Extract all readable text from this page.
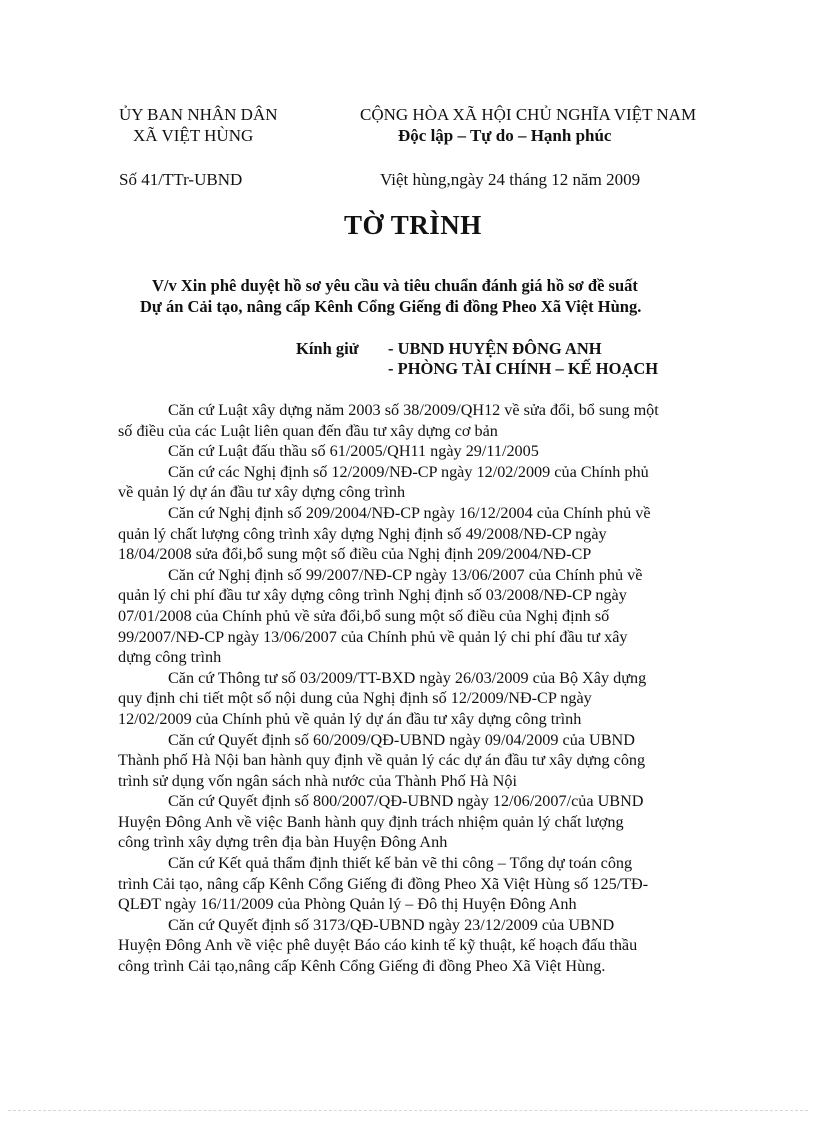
ỦY BAN NHÂN DÂN
XÃ VIỆT HÙNG
CỘNG HÒA XÃ HỘI CHỦ NGHĨA VIỆT NAM
Độc lập – Tự do – Hạnh phúc
Số 41/TTr-UBND	Việt hùng,ngày 24 tháng 12 năm 2009
TỜ TRÌNH
V/v Xin phê duyệt hồ sơ yêu cầu và tiêu chuẩn đánh giá hồ sơ đề suất
Dự án Cải tạo, nâng cấp Kênh Cổng Giếng đi đồng Pheo Xã Việt Hùng.
Kính giử - UBND HUYỆN ĐÔNG ANH
- PHÒNG TÀI CHÍNH – KẾ HOẠCH
Căn cứ Luật xây dựng năm 2003 số 38/2009/QH12 về sửa đổi, bổ sung một
số điều của các Luật liên quan đến đầu tư xây dựng cơ bản
Căn cứ Luật đấu thầu số 61/2005/QH11 ngày 29/11/2005
Căn cứ các Nghị định số 12/2009/NĐ-CP ngày 12/02/2009 của Chính phủ
về quản lý dự án đầu tư xây dựng công trình
Căn cứ Nghị định số 209/2004/NĐ-CP ngày 16/12/2004 của Chính phủ về
quản lý chất lượng công trình xây dựng Nghị định số 49/2008/NĐ-CP ngày
18/04/2008 sửa đổi,bổ sung một số điều của Nghị định 209/2004/NĐ-CP
Căn cứ Nghị định số 99/2007/NĐ-CP ngày 13/06/2007 của Chính phủ về
quản lý chi phí đầu tư xây dựng công trình Nghị định số 03/2008/NĐ-CP ngày
07/01/2008 của Chính phủ về sửa đổi,bổ sung một số điều của Nghị định số
99/2007/NĐ-CP ngày 13/06/2007 của Chính phủ về quản lý chi phí đầu tư xây
dựng công trình
Căn cứ Thông tư số 03/2009/TT-BXD ngày 26/03/2009 của Bộ Xây dựng
quy định chi tiết một số nội dung của Nghị định số 12/2009/NĐ-CP ngày
12/02/2009 của Chính phủ về quản lý dự án đầu tư xây dựng công trình
Căn cứ Quyết định số 60/2009/QĐ-UBND ngày 09/04/2009 của UBND
Thành phố Hà Nội ban hành quy định về quản lý các dự án đầu tư xây dựng công
trình sử dụng vốn ngân sách nhà nước của Thành Phố Hà Nội
Căn cứ Quyết định số 800/2007/QĐ-UBND ngày 12/06/2007/của UBND
Huyện Đông Anh về việc Banh hành quy định trách nhiệm quản lý chất lượng
công trình xây dựng trên địa bàn Huyện Đông Anh
Căn cứ Kết quả thẩm định thiết kế bản vẽ thi công – Tổng dự toán công
trình Cải tạo, nâng cấp Kênh Cổng Giếng đi đồng Pheo Xã Việt Hùng số 125/TĐ-
QLĐT ngày 16/11/2009 của Phòng Quản lý – Đô thị Huyện Đông Anh
Căn cứ Quyết định số 3173/QĐ-UBND ngày 23/12/2009 của UBND
Huyện Đông Anh về việc phê duyệt Báo cáo kinh tế kỹ thuật, kế hoạch đấu thầu
công trình Cải tạo,nâng cấp Kênh Cổng Giếng đi đồng Pheo Xã Việt Hùng.
